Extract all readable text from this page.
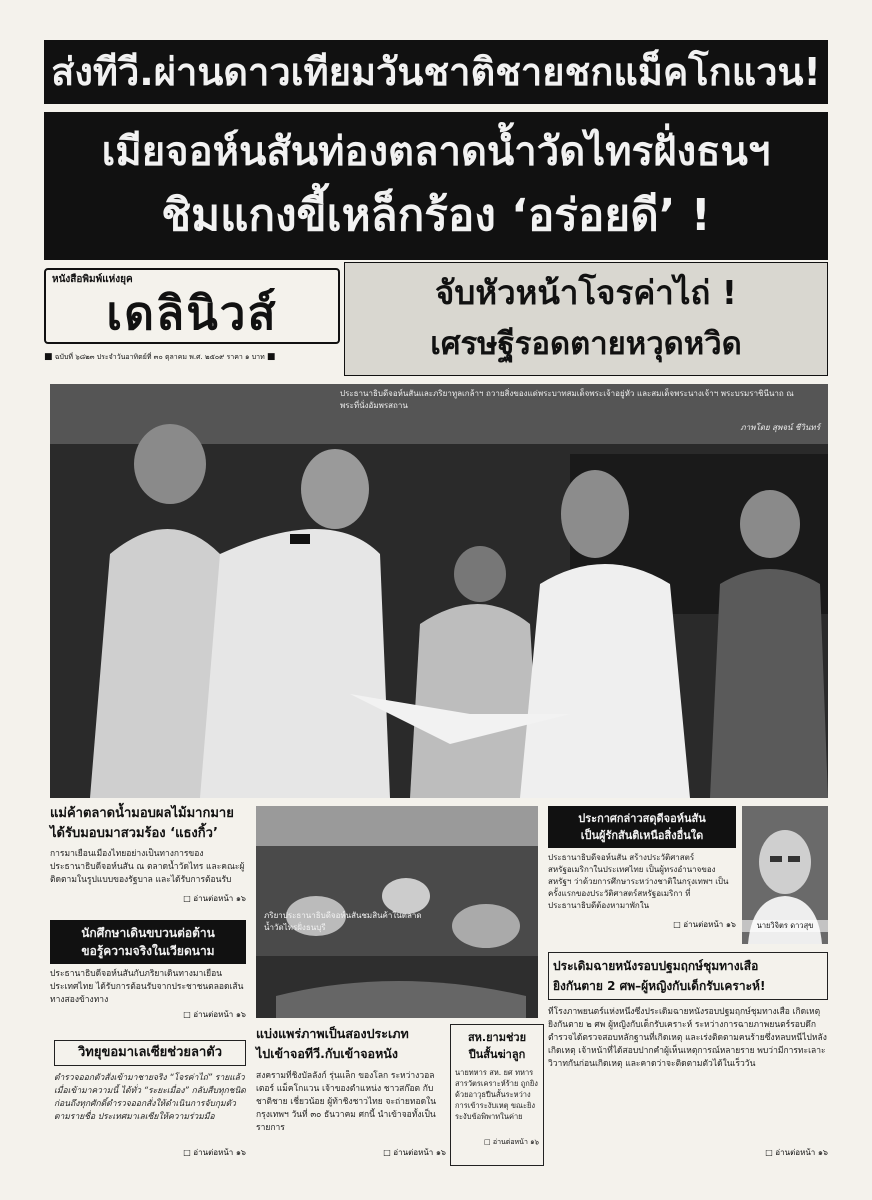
ส่งทีวี.ผ่านดาวเทียมวันชาติชายชกแม็คโกแวน!
เมียจอห์นสันท่องตลาดน้ำวัดไทรฝั่งธนฯ
ชิมแกงขี้เหล็กร้อง ‘อร่อยดี’ !
หนังสือพิมพ์แห่งยุค
เดลินิวส์
■ ฉบับที่ ๖๘๒๓ ประจำวันอาทิตย์ที่ ๓๐ ตุลาคม พ.ศ. ๒๕๐๙ ราคา ๑ บาท ■
จับหัวหน้าโจรค่าไถ่ !
เศรษฐีรอดตายหวุดหวิด
ประธานาธิบดีจอห์นสันและภริยาทูลเกล้าฯ ถวายสิ่งของแด่พระบาทสมเด็จพระเจ้าอยู่หัว และสมเด็จพระนางเจ้าฯ พระบรมราชินีนาถ ณ พระที่นั่งอัมพรสถาน
ภาพโดย สุพจน์ ชีวินทร์
แม่ค้าตลาดน้ำมอบผลไม้มากมาย
ได้รับมอบมาสวมร้อง ‘แธงกิ้ว’
การมาเยือนเมืองไทยอย่างเป็นทางการของประธานาธิบดีจอห์นสัน ณ ตลาดน้ำวัดไทร และคณะผู้ติดตามในรูปแบบของรัฐบาล และได้รับการต้อนรับ
□ อ่านต่อหน้า ๑๖
นักศึกษาเดินขบวนต่อต้าน
ขอรู้ความจริงในเวียดนาม
ประธานาธิบดีจอห์นสันกับภริยาเดินทางมาเยือนประเทศไทย ได้รับการต้อนรับจากประชาชนตลอดเส้นทางสองข้างทาง
□ อ่านต่อหน้า ๑๖
วิทยุขอมาเลเซียช่วยลาตัว
ตำรวจออกตัวสั่งเข้ามาชายจริง “โจรค่าไถ่” รายแล้วเมื่อเข้ามาความนี้ ได้ทั่ว “ระยะเมื่อง” กลับสืบทุกชนิดก่อนถึงทุกศักดิ์ตำรวจออกสั่งให้ดำเนินการจับกุมตัวตามรายชื่อ ประเทศมาเลเซียให้ความร่วมมือ
□ อ่านต่อหน้า ๑๖
ภริยาประธานาธิบดีจอห์นสันชมสินค้าในตลาดน้ำวัดไทรฝั่งธนบุรี
แบ่งแพร่ภาพเป็นสองประเภท
ไปเข้าจอทีวี.กับเข้าจอหนัง
สงครามที่ชิงบัลลังก์ รุ่นแล็ก ของโลก ระหว่างวอลเตอร์ แม็คโกแวน เจ้าของตำแหน่ง ชาวสก๊อต กับ ชาติชาย เชี่ยวน้อย ผู้ท้าชิงชาวไทย จะถ่ายทอดในกรุงเทพฯ วันที่ ๓๐ ธันวาคม ศกนี้ นำเข้าจอทั้งเป็นรายการ
□ อ่านต่อหน้า ๑๖
สห.ยามช่วย
ปืนสั้นฆ่าลูก
นายทหาร สห. ยศ ทหาร สารวัตรเคราะห์ร้าย ถูกยิงด้วยอาวุธปืนสั้นระหว่างการเข้าระงับเหตุ ขณะยิงระงับข้อพิพาทในค่าย
□ อ่านต่อหน้า ๑๖
ประกาศกล่าวสดุดีจอห์นสัน
เป็นผู้รักสันติเหนือสิ่งอื่นใด
ประธานาธิบดีจอห์นสัน สร้างประวัติศาสตร์ สหรัฐอเมริกาในประเทศไทย เป็นผู้ทรงอำนาจของสหรัฐฯ ว่าด้วยการศึกษาระหว่างชาติในกรุงเทพฯ เป็นครั้งแรกของประวัติศาสตร์สหรัฐอเมริกา ที่ประธานาธิบดีต้องหามาพักใน
□ อ่านต่อหน้า ๑๖	นายวิจิตร ดาวสุข
ประเดิมฉายหนังรอบปฐมฤกษ์ชุมทางเสือ
ยิงกันตาย 2 ศพ–ผู้หญิงกับเด็กรับเคราะห์!
ที่โรงภาพยนตร์แห่งหนึ่งซึ่งประเดิมฉายหนังรอบปฐมฤกษ์ชุมทางเสือ เกิดเหตุยิงกันตาย ๒ ศพ ผู้หญิงกับเด็กรับเคราะห์ ระหว่างการฉายภาพยนตร์รอบดึก ตำรวจได้ตรวจสอบหลักฐานที่เกิดเหตุ และเร่งติดตามคนร้ายซึ่งหลบหนีไปหลังเกิดเหตุ เจ้าหน้าที่ได้สอบปากคำผู้เห็นเหตุการณ์หลายราย พบว่ามีการทะเลาะวิวาทกันก่อนเกิดเหตุ และคาดว่าจะติดตามตัวได้ในเร็ววัน
□ อ่านต่อหน้า ๑๖
